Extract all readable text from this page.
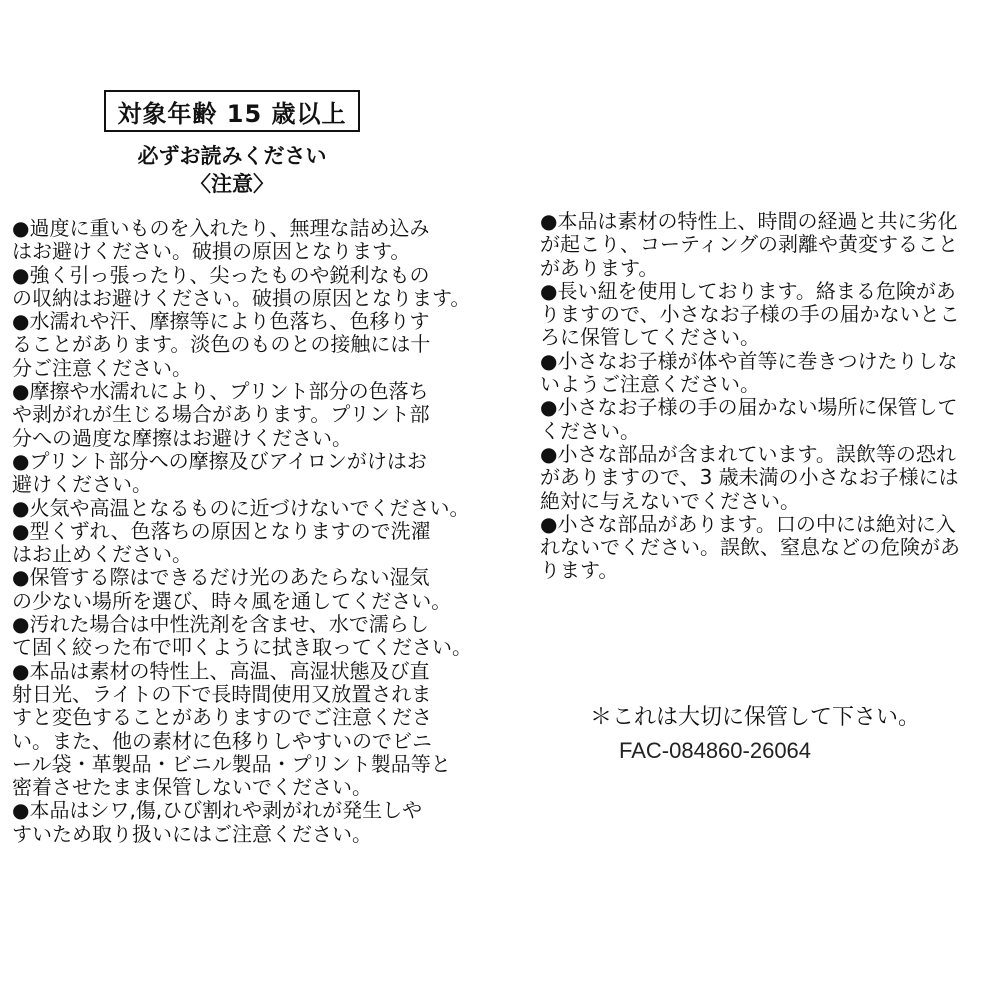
対象年齢 15 歳以上
必ずお読みください
〈注意〉
●過度に重いものを入れたり、無理な詰め込み
はお避けください。破損の原因となります。
●強く引っ張ったり、尖ったものや鋭利なもの
の収納はお避けください。破損の原因となります。
●水濡れや汗、摩擦等により色落ち、色移りす
ることがあります。淡色のものとの接触には十
分ご注意ください。
●摩擦や水濡れにより、プリント部分の色落ち
や剥がれが生じる場合があります。プリント部
分への過度な摩擦はお避けください。
●プリント部分への摩擦及びアイロンがけはお
避けください。
●火気や高温となるものに近づけないでください。
●型くずれ、色落ちの原因となりますので洗濯
はお止めください。
●保管する際はできるだけ光のあたらない湿気
の少ない場所を選び、時々風を通してください。
●汚れた場合は中性洗剤を含ませ、水で濡らし
て固く絞った布で叩くように拭き取ってください。
●本品は素材の特性上、高温、高湿状態及び直
射日光、ライトの下で長時間使用又放置されま
すと変色することがありますのでご注意くださ
い。また、他の素材に色移りしやすいのでビニ
ール袋・革製品・ビニル製品・プリント製品等と
密着させたまま保管しないでください。
●本品はシワ,傷,ひび割れや剥がれが発生しや
すいため取り扱いにはご注意ください。
●本品は素材の特性上、時間の経過と共に劣化
が起こり、コーティングの剥離や黄変すること
があります。
●長い紐を使用しております。絡まる危険があ
りますので、小さなお子様の手の届かないとこ
ろに保管してください。
●小さなお子様が体や首等に巻きつけたりしな
いようご注意ください。
●小さなお子様の手の届かない場所に保管して
ください。
●小さな部品が含まれています。誤飲等の恐れ
がありますので、3 歳未満の小さなお子様には
絶対に与えないでください。
●小さな部品があります。口の中には絶対に入
れないでください。誤飲、窒息などの危険があ
ります。
＊これは大切に保管して下さい。
FAC-084860-26064
